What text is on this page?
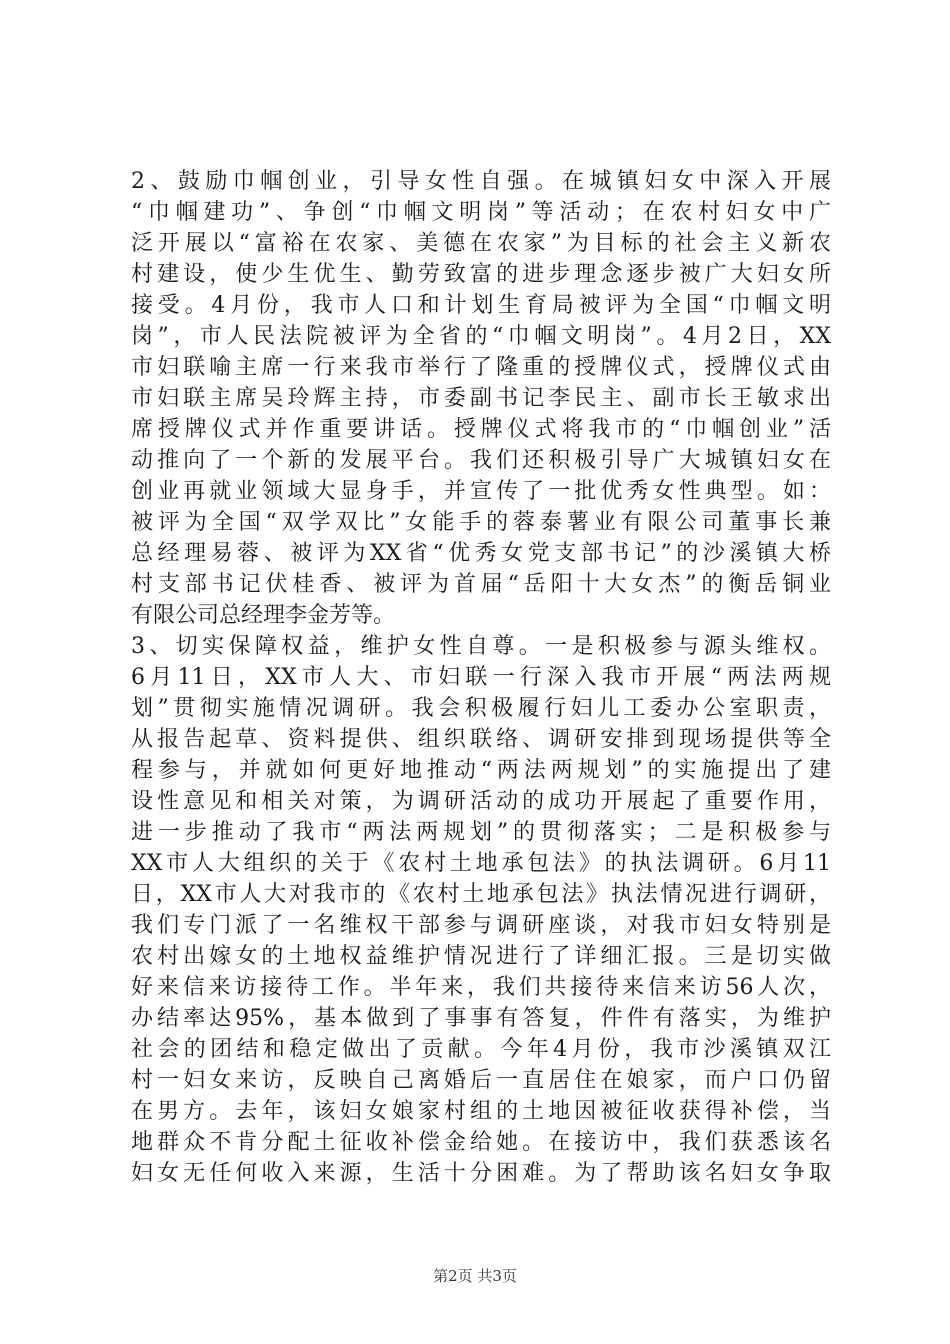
2、鼓励巾帼创业，引导女性自强。在城镇妇女中深入开展
“巾帼建功”、争创“巾帼文明岗”等活动；在农村妇女中广
泛开展以“富裕在农家、美德在农家”为目标的社会主义新农
村建设，使少生优生、勤劳致富的进步理念逐步被广大妇女所
接受。4月份，我市人口和计划生育局被评为全国“巾帼文明
岗”，市人民法院被评为全省的“巾帼文明岗”。4月2日，XX
市妇联喻主席一行来我市举行了隆重的授牌仪式，授牌仪式由
市妇联主席吴玲辉主持，市委副书记李民主、副市长王敏求出
席授牌仪式并作重要讲话。授牌仪式将我市的“巾帼创业”活
动推向了一个新的发展平台。我们还积极引导广大城镇妇女在
创业再就业领域大显身手，并宣传了一批优秀女性典型。如：
被评为全国“双学双比”女能手的蓉泰薯业有限公司董事长兼
总经理易蓉、被评为XX省“优秀女党支部书记”的沙溪镇大桥
村支部书记伏桂香、被评为首届“岳阳十大女杰”的衡岳铜业
有限公司总经理李金芳等。
3、切实保障权益，维护女性自尊。一是积极参与源头维权。
6月11日，XX市人大、市妇联一行深入我市开展“两法两规
划”贯彻实施情况调研。我会积极履行妇儿工委办公室职责，
从报告起草、资料提供、组织联络、调研安排到现场提供等全
程参与，并就如何更好地推动“两法两规划”的实施提出了建
设性意见和相关对策，为调研活动的成功开展起了重要作用，
进一步推动了我市“两法两规划”的贯彻落实；二是积极参与
XX市人大组织的关于《农村土地承包法》的执法调研。6月11
日，XX市人大对我市的《农村土地承包法》执法情况进行调研，
我们专门派了一名维权干部参与调研座谈，对我市妇女特别是
农村出嫁女的土地权益维护情况进行了详细汇报。三是切实做
好来信来访接待工作。半年来，我们共接待来信来访56人次，
办结率达95%，基本做到了事事有答复，件件有落实，为维护
社会的团结和稳定做出了贡献。今年4月份，我市沙溪镇双江
村一妇女来访，反映自己离婚后一直居住在娘家，而户口仍留
在男方。去年，该妇女娘家村组的土地因被征收获得补偿，当
地群众不肯分配土征收补偿金给她。在接访中，我们获悉该名
妇女无任何收入来源，生活十分困难。为了帮助该名妇女争取
第2页 共3页
